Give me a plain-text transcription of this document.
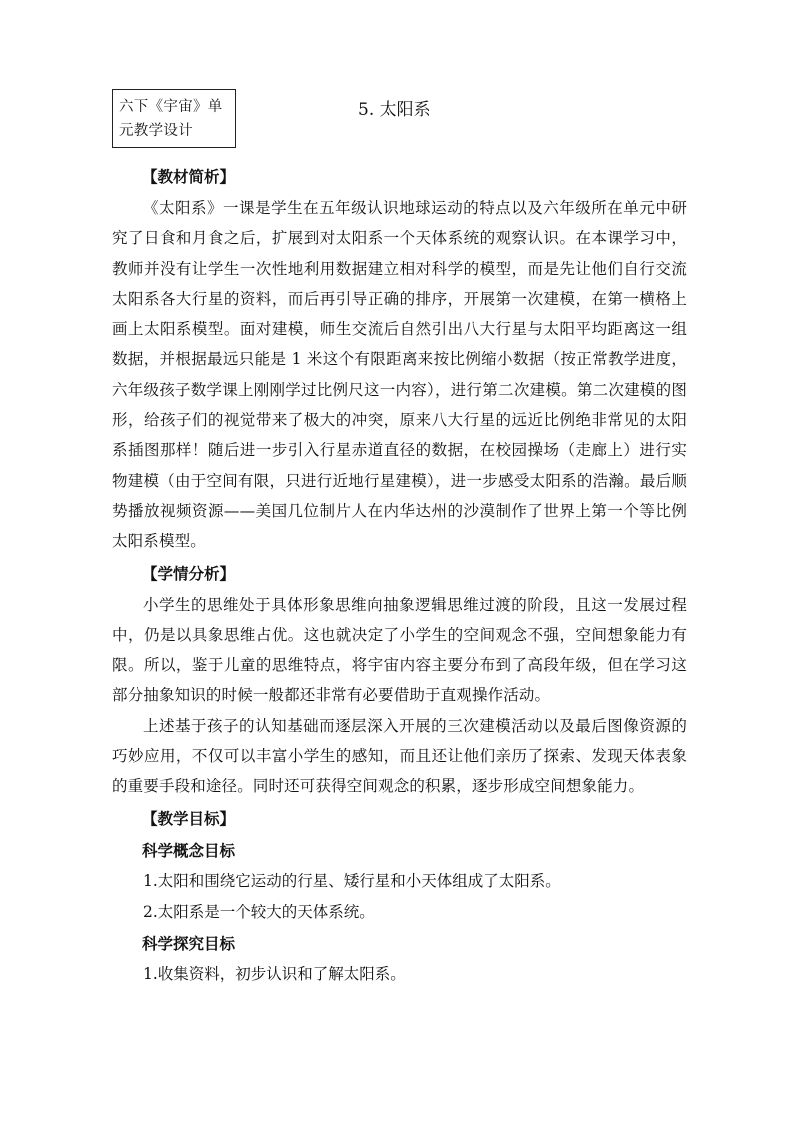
六下《宇宙》单元教学设计
5. 太阳系
【教材简析】

《太阳系》一课是学生在五年级认识地球运动的特点以及六年级所在单元中研究了日食和月食之后，扩展到对太阳系一个天体系统的观察认识。在本课学习中，教师并没有让学生一次性地利用数据建立相对科学的模型，而是先让他们自行交流太阳系各大行星的资料，而后再引导正确的排序，开展第一次建模，在第一横格上画上太阳系模型。面对建模，师生交流后自然引出八大行星与太阳平均距离这一组数据，并根据最远只能是 1 米这个有限距离来按比例缩小数据（按正常教学进度，六年级孩子数学课上刚刚学过比例尺这一内容），进行第二次建模。第二次建模的图形，给孩子们的视觉带来了极大的冲突，原来八大行星的远近比例绝非常见的太阳系插图那样！随后进一步引入行星赤道直径的数据，在校园操场（走廊上）进行实物建模（由于空间有限，只进行近地行星建模），进一步感受太阳系的浩瀚。最后顺势播放视频资源——美国几位制片人在内华达州的沙漠制作了世界上第一个等比例太阳系模型。

【学情分析】

小学生的思维处于具体形象思维向抽象逻辑思维过渡的阶段，且这一发展过程中，仍是以具象思维占优。这也就决定了小学生的空间观念不强，空间想象能力有限。所以，鉴于儿童的思维特点，将宇宙内容主要分布到了高段年级，但在学习这部分抽象知识的时候一般都还非常有必要借助于直观操作活动。

上述基于孩子的认知基础而逐层深入开展的三次建模活动以及最后图像资源的巧妙应用，不仅可以丰富小学生的感知，而且还让他们亲历了探索、发现天体表象的重要手段和途径。同时还可获得空间观念的积累，逐步形成空间想象能力。

【教学目标】
科学概念目标
1.太阳和围绕它运动的行星、矮行星和小天体组成了太阳系。
2.太阳系是一个较大的天体系统。
科学探究目标
1.收集资料，初步认识和了解太阳系。
